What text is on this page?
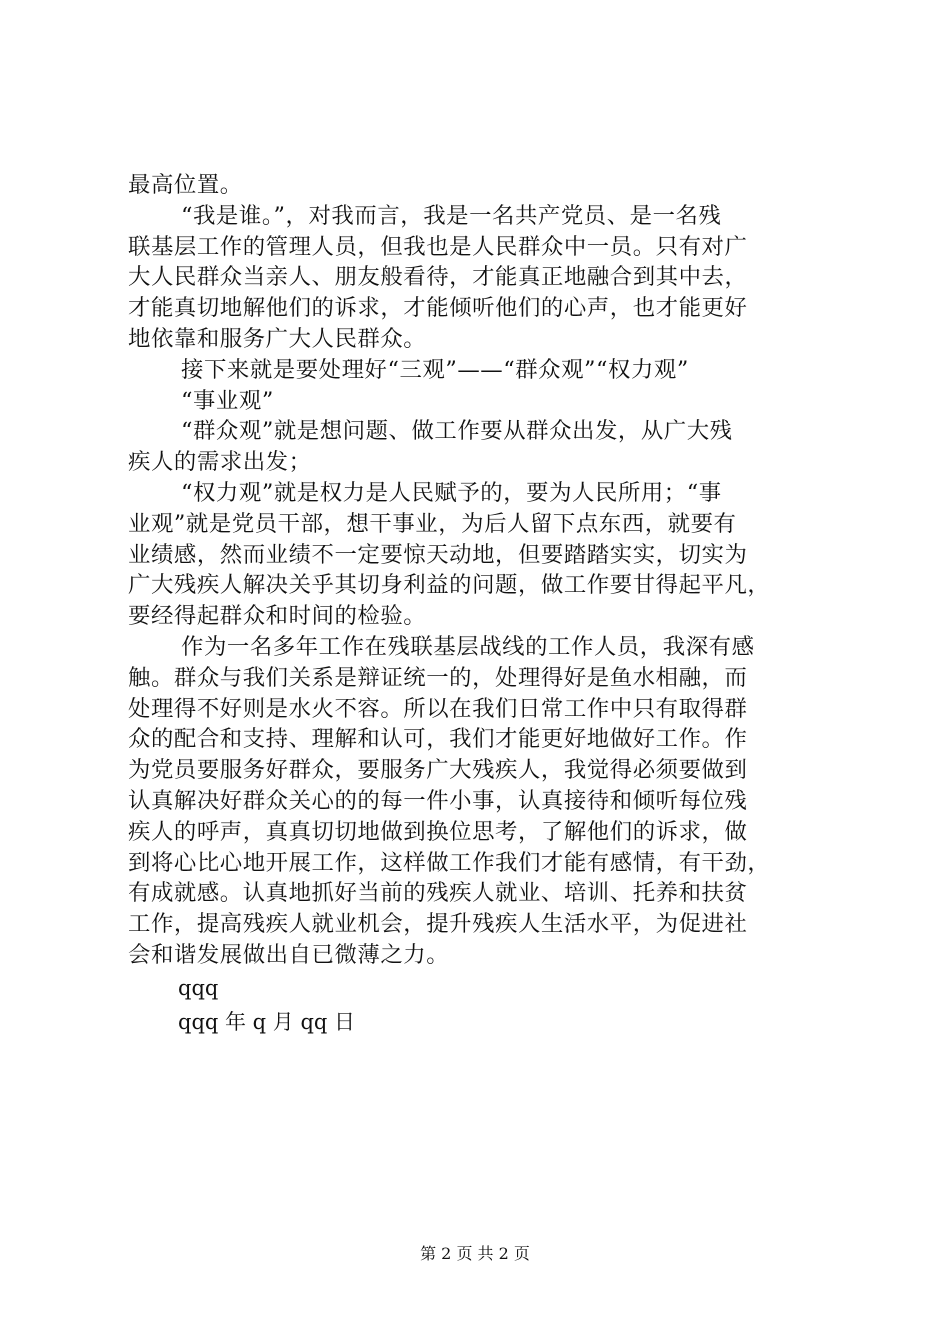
最高位置。
“我是谁。”，对我而言，我是一名共产党员、是一名残
联基层工作的管理人员，但我也是人民群众中一员。只有对广
大人民群众当亲人、朋友般看待，才能真正地融合到其中去，
才能真切地解他们的诉求，才能倾听他们的心声，也才能更好
地依靠和服务广大人民群众。
接下来就是要处理好“三观”——“群众观”“权力观”
“事业观”
“群众观”就是想问题、做工作要从群众出发，从广大残
疾人的需求出发；
“权力观”就是权力是人民赋予的，要为人民所用；“事
业观”就是党员干部，想干事业，为后人留下点东西，就要有
业绩感，然而业绩不一定要惊天动地，但要踏踏实实，切实为
广大残疾人解决关乎其切身利益的问题，做工作要甘得起平凡，
要经得起群众和时间的检验。
作为一名多年工作在残联基层战线的工作人员，我深有感
触。群众与我们关系是辩证统一的，处理得好是鱼水相融，而
处理得不好则是水火不容。所以在我们日常工作中只有取得群
众的配合和支持、理解和认可，我们才能更好地做好工作。作
为党员要服务好群众，要服务广大残疾人，我觉得必须要做到
认真解决好群众关心的的每一件小事，认真接待和倾听每位残
疾人的呼声，真真切切地做到换位思考，了解他们的诉求，做
到将心比心地开展工作，这样做工作我们才能有感情，有干劲，
有成就感。认真地抓好当前的残疾人就业、培训、托养和扶贫
工作，提高残疾人就业机会，提升残疾人生活水平，为促进社
会和谐发展做出自已微薄之力。
qqq
qqq 年 q 月 qq 日
第 2 页 共 2 页
